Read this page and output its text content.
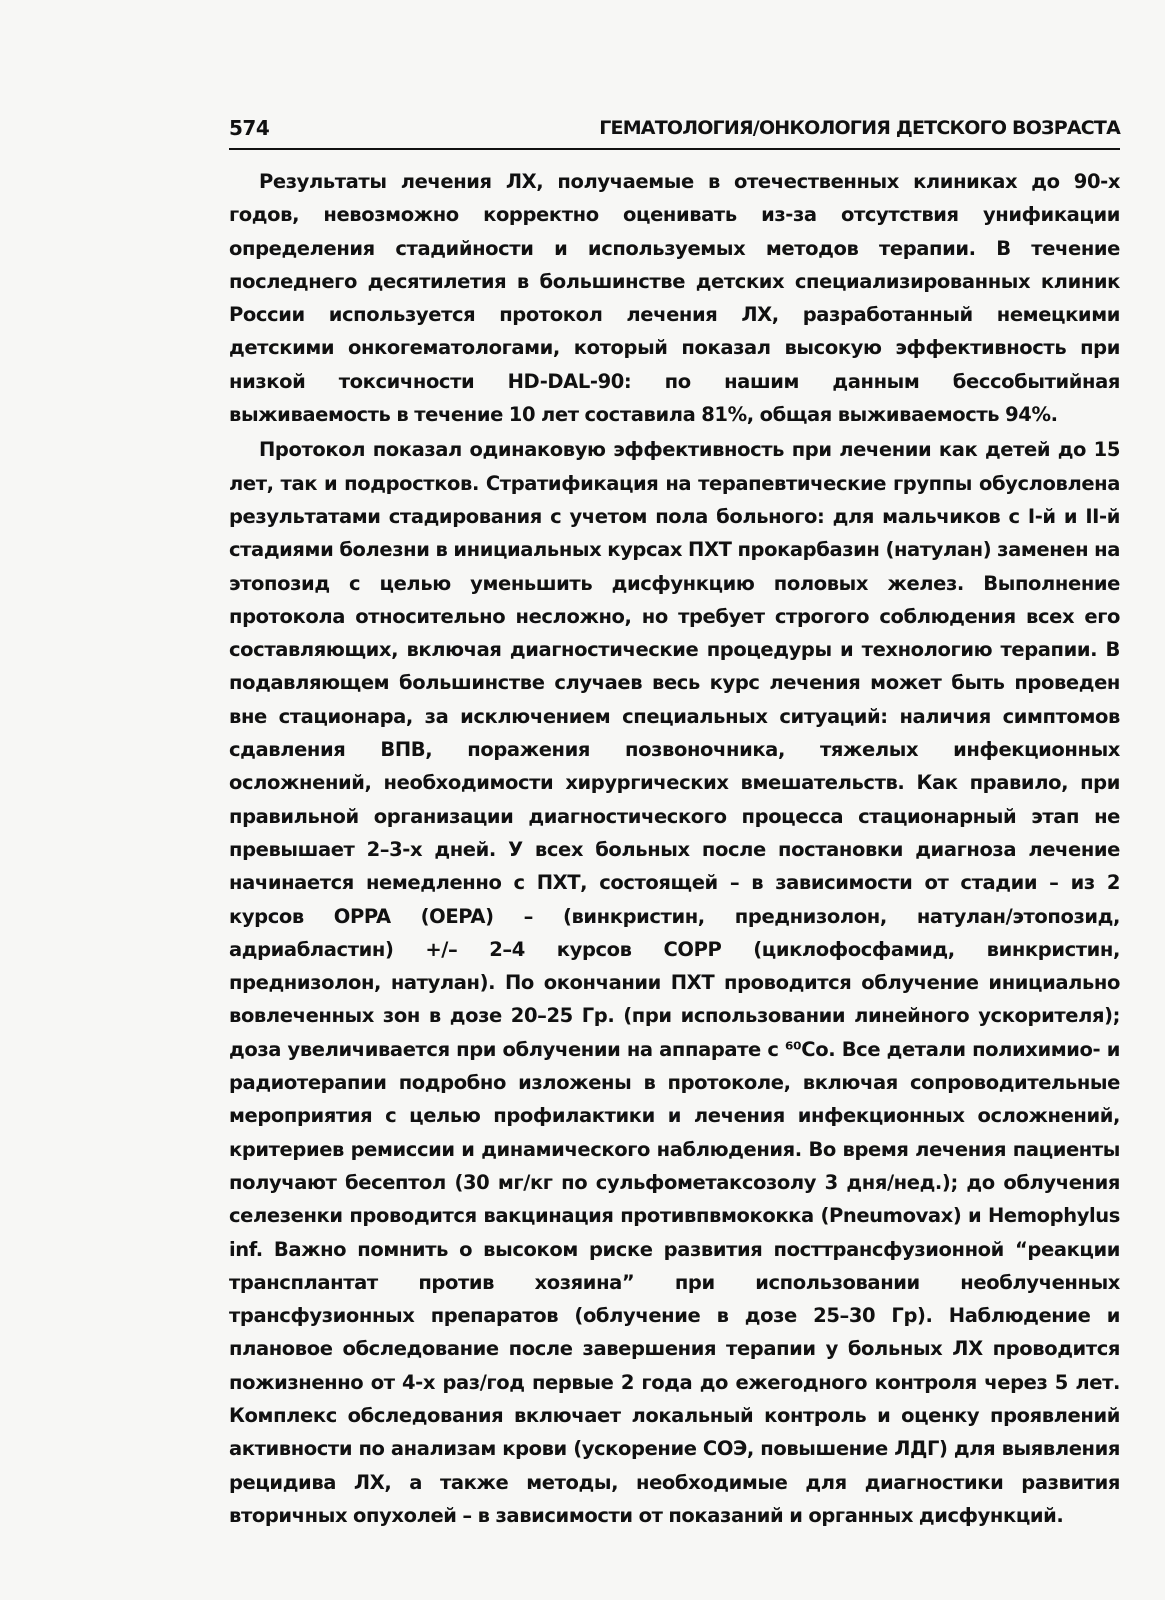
574	ГЕМАТОЛОГИЯ/ОНКОЛОГИЯ ДЕТСКОГО ВОЗРАСТА

Результаты лечения ЛХ, получаемые в отечественных клиниках до 90-х годов, невозможно корректно оценивать из-за отсутствия унификации определения стадийности и используемых методов терапии. В течение последнего десятилетия в большинстве детских специализированных клиник России используется протокол лечения ЛХ, разработанный немецкими детскими онкогематологами, который показал высокую эффективность при низкой токсичности HD-DAL-90: по нашим данным бессобытийная выживаемость в течение 10 лет составила 81%, общая выживаемость 94%.

Протокол показал одинаковую эффективность при лечении как детей до 15 лет, так и подростков. Стратификация на терапевтические группы обусловлена результатами стадирования с учетом пола больного: для мальчиков с I-й и II-й стадиями болезни в инициальных курсах ПХТ прокарбазин (натулан) заменен на этопозид с целью уменьшить дисфункцию половых желез. Выполнение протокола относительно несложно, но требует строгого соблюдения всех его составляющих, включая диагностические процедуры и технологию терапии. В подавляющем большинстве случаев весь курс лечения может быть проведен вне стационара, за исключением специальных ситуаций: наличия симптомов сдавления ВПВ, поражения позвоночника, тяжелых инфекционных осложнений, необходимости хирургических вмешательств. Как правило, при правильной организации диагностического процесса стационарный этап не превышает 2–3-х дней. У всех больных после постановки диагноза лечение начинается немедленно с ПХТ, состоящей – в зависимости от стадии – из 2 курсов OPPA (OEPA) – (винкристин, преднизолон, натулан/этопозид, адриабластин) +/– 2–4 курсов COPP (циклофосфамид, винкристин, преднизолон, натулан). По окончании ПХТ проводится облучение инициально вовлеченных зон в дозе 20–25 Гр. (при использовании линейного ускорителя); доза увеличивается при облучении на аппарате с ⁶⁰Со. Все детали полихимио- и радиотерапии подробно изложены в протоколе, включая сопроводительные мероприятия с целью профилактики и лечения инфекционных осложнений, критериев ремиссии и динамического наблюдения. Во время лечения пациенты получают бесептол (30 мг/кг по сульфометаксозолу 3 дня/нед.); до облучения селезенки проводится вакцинация противпвмококка (Pneumovax) и Hemophylus inf. Важно помнить о высоком риске развития посттрансфузионной “реакции трансплантат против хозяина” при использовании необлученных трансфузионных препаратов (облучение в дозе 25–30 Гр). Наблюдение и плановое обследование после завершения терапии у больных ЛХ проводится пожизненно от 4-х раз/год первые 2 года до ежегодного контроля через 5 лет. Комплекс обследования включает локальный контроль и оценку проявлений активности по анализам крови (ускорение СОЭ, повышение ЛДГ) для выявления рецидива ЛХ, а также методы, необходимые для диагностики развития вторичных опухолей – в зависимости от показаний и органных дисфункций.
